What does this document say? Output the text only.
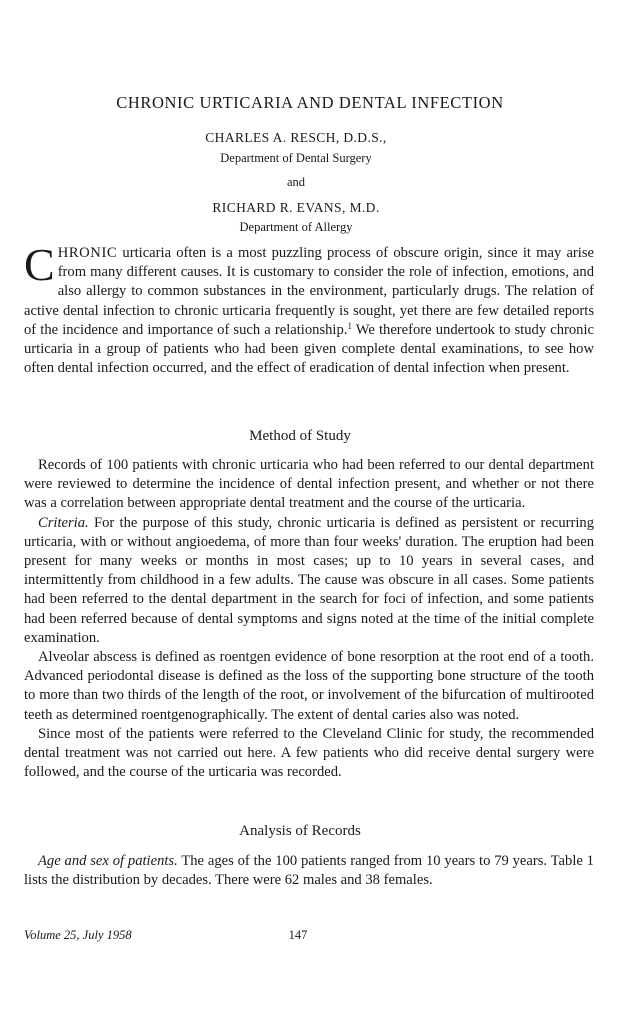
CHRONIC URTICARIA AND DENTAL INFECTION
CHARLES A. RESCH, D.D.S.,
Department of Dental Surgery
and
RICHARD R. EVANS, M.D.
Department of Allergy

CHRONIC urticaria often is a most puzzling process of obscure origin, since it may arise from many different causes. It is customary to consider the role of infection, emotions, and also allergy to common substances in the environment, particularly drugs. The relation of active dental infection to chronic urticaria frequently is sought, yet there are few detailed reports of the incidence and importance of such a relationship.$^1$ We therefore undertook to study chronic urticaria in a group of patients who had been given complete dental examinations, to see how often dental infection occurred, and the effect of eradication of dental infection when present.

Method of Study

Records of 100 patients with chronic urticaria who had been referred to our dental department were reviewed to determine the incidence of dental infection present, and whether or not there was a correlation between appropriate dental treatment and the course of the urticaria.

Criteria. For the purpose of this study, chronic urticaria is defined as persistent or recurring urticaria, with or without angioedema, of more than four weeks' duration. The eruption had been present for many weeks or months in most cases; up to 10 years in several cases, and intermittently from childhood in a few adults. The cause was obscure in all cases. Some patients had been referred to the dental department in the search for foci of infection, and some patients had been referred because of dental symptoms and signs noted at the time of the initial complete examination.

Alveolar abscess is defined as roentgen evidence of bone resorption at the root end of a tooth. Advanced periodontal disease is defined as the loss of the supporting bone structure of the tooth to more than two thirds of the length of the root, or involvement of the bifurcation of multirooted teeth as determined roentgenographically. The extent of dental caries also was noted.

Since most of the patients were referred to the Cleveland Clinic for study, the recommended dental treatment was not carried out here. A few patients who did receive dental surgery were followed, and the course of the urticaria was recorded.

Analysis of Records

Age and sex of patients. The ages of the 100 patients ranged from 10 years to 79 years. Table 1 lists the distribution by decades. There were 62 males and 38 females.

Volume 25, July 1958	147
